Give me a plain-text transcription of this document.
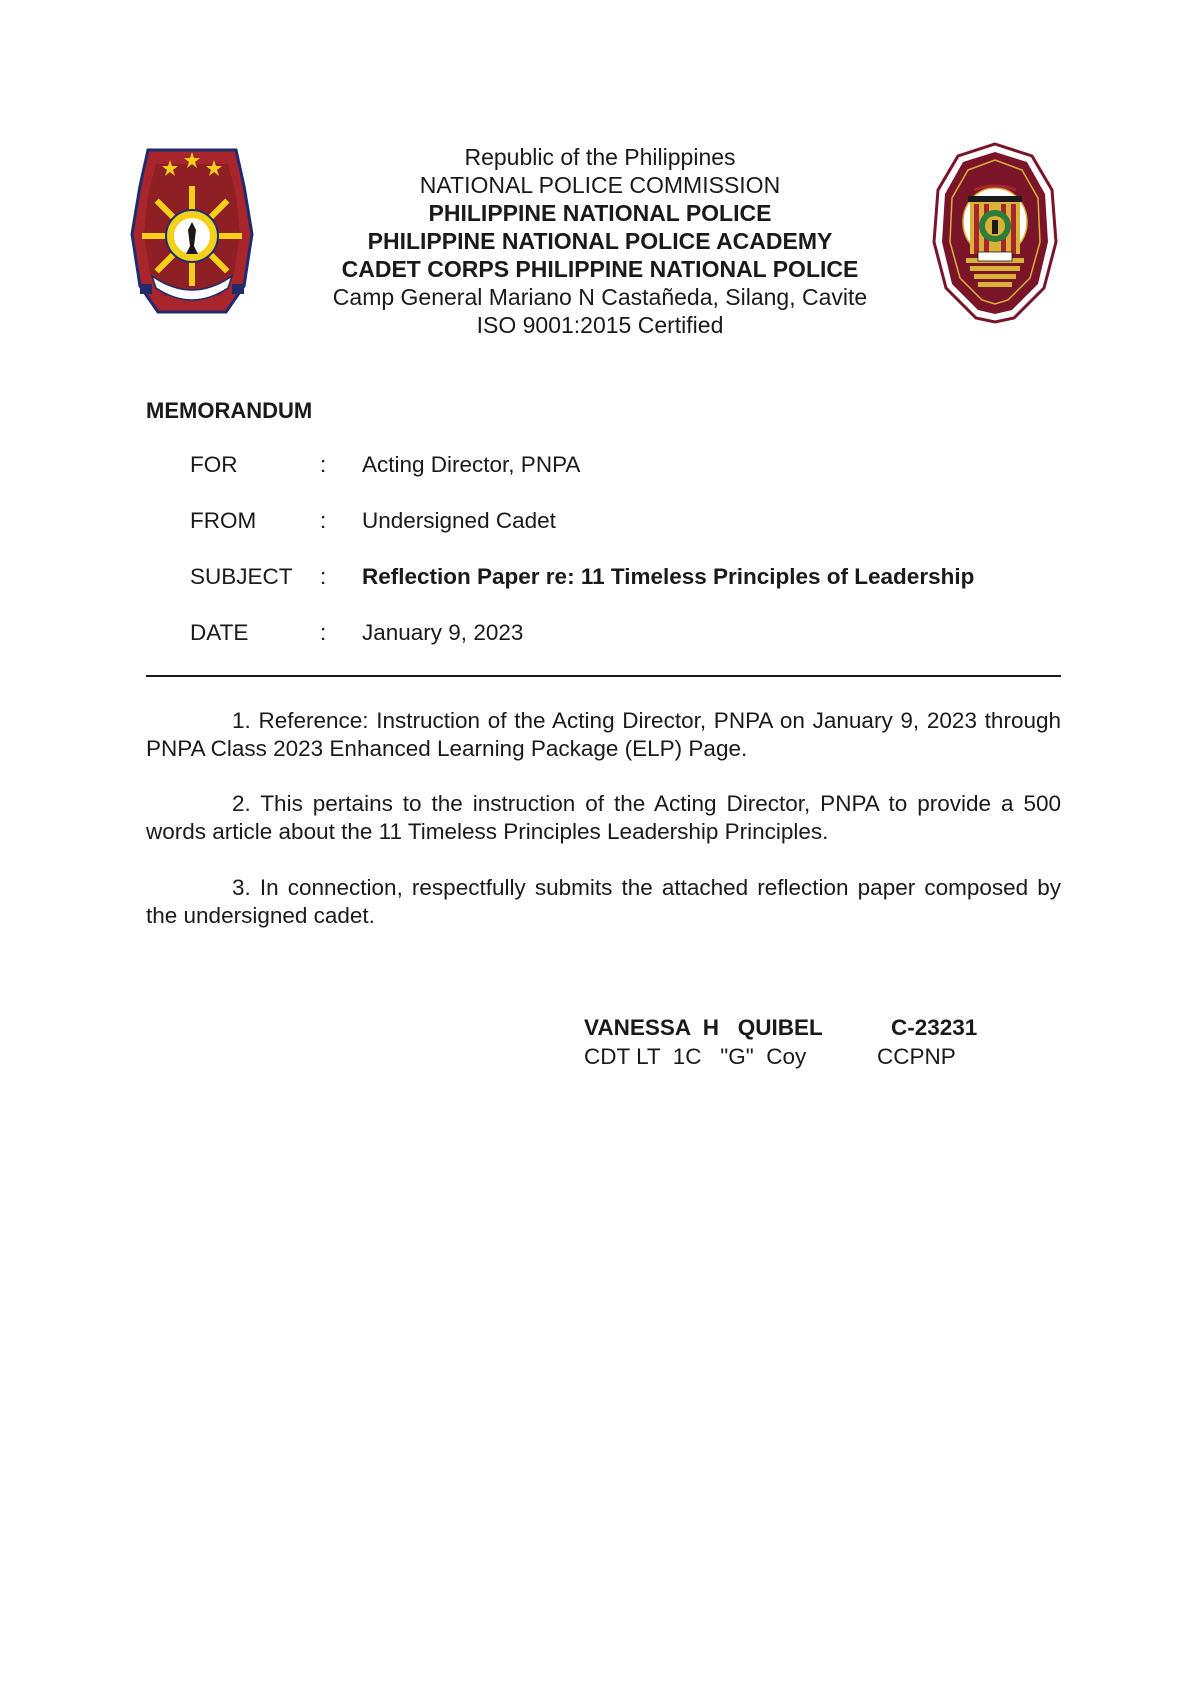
Republic of the Philippines
NATIONAL POLICE COMMISSION
PHILIPPINE NATIONAL POLICE
PHILIPPINE NATIONAL POLICE ACADEMY
CADET CORPS PHILIPPINE NATIONAL POLICE
Camp General Mariano N Castañeda, Silang, Cavite
ISO 9001:2015 Certified
MEMORANDUM
FOR	: Acting Director, PNPA
FROM	: Undersigned Cadet
SUBJECT : Reflection Paper re: 11 Timeless Principles of Leadership
DATE	: January 9, 2023
1. Reference: Instruction of the Acting Director, PNPA on January 9, 2023 through PNPA Class 2023 Enhanced Learning Package (ELP) Page.
2. This pertains to the instruction of the Acting Director, PNPA to provide a 500 words article about the 11 Timeless Principles Leadership Principles.
3. In connection, respectfully submits the attached reflection paper composed by the undersigned cadet.
VANESSA  H   QUIBEL	C-23231
CDT LT  1C   "G"  Coy	CCPNP
